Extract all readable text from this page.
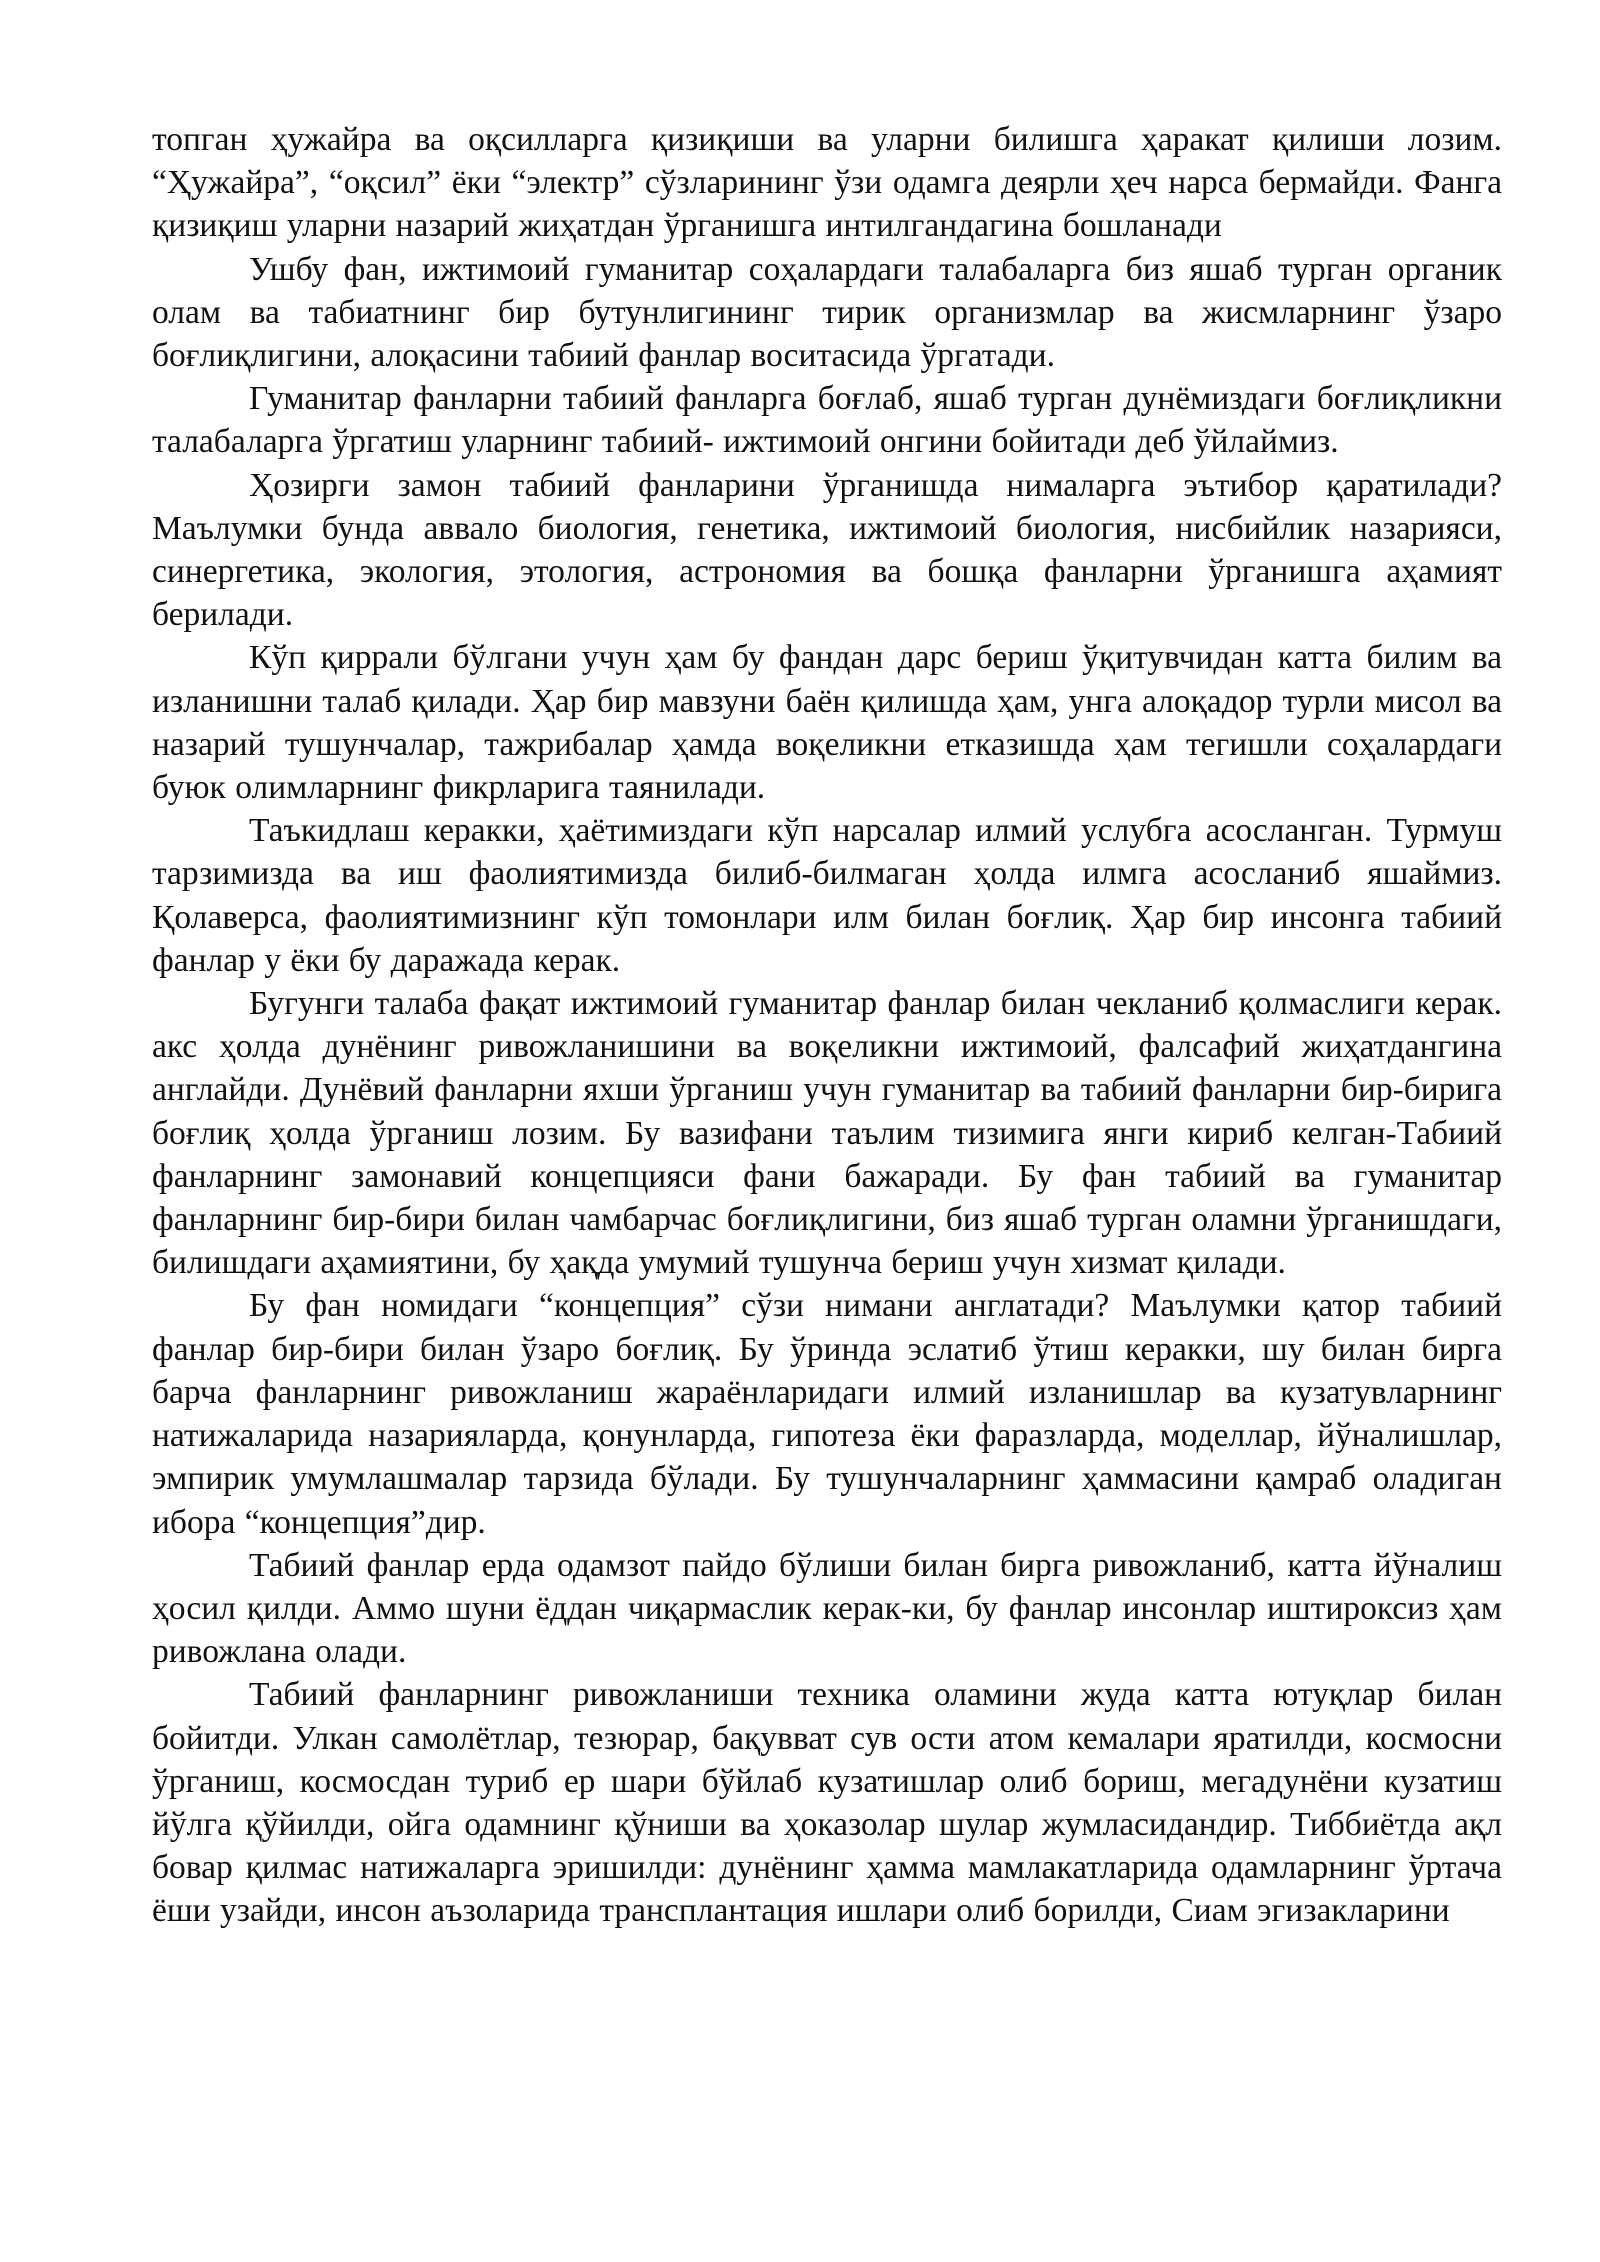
топган ҳужайра ва оқсилларга қизиқиши ва уларни билишга ҳаракат қилиши лозим. “Ҳужайра”, “оқсил” ёки “электр” сўзларининг ўзи одамга деярли ҳеч нарса бермайди. Фанга қизиқиш уларни назарий жиҳатдан ўрганишга интилгандагина бошланади

Ушбу фан, ижтимоий гуманитар соҳалардаги талабаларга биз яшаб турган органик олам ва табиатнинг бир бутунлигининг тирик организмлар ва жисмларнинг ўзаро боғлиқлигини, алоқасини табиий фанлар воситасида ўргатади.

Гуманитар фанларни табиий фанларга боғлаб, яшаб турган дунёмиздаги боғлиқликни талабаларга ўргатиш уларнинг табиий- ижтимоий онгини бойитади деб ўйлаймиз.

Ҳозирги замон табиий фанларини ўрганишда нималарга эътибор қаратилади? Маълумки бунда аввало биология, генетика, ижтимоий биология, нисбийлик назарияси, синергетика, экология, этология, астрономия ва бошқа фанларни ўрганишга аҳамият берилади.

Кўп қиррали бўлгани учун ҳам бу фандан дарс бериш ўқитувчидан катта билим ва изланишни талаб қилади. Ҳар бир мавзуни баён қилишда ҳам, унга алоқадор турли мисол ва назарий тушунчалар, тажрибалар ҳамда воқеликни етказишда ҳам тегишли соҳалардаги буюк олимларнинг фикрларига таянилади.

Таъкидлаш керакки, ҳаётимиздаги кўп нарсалар илмий услубга асосланган. Турмуш тарзимизда ва иш фаолиятимизда билиб-билмаган ҳолда илмга асосланиб яшаймиз. Қолаверса, фаолиятимизнинг кўп томонлари илм билан боғлиқ. Ҳар бир инсонга табиий фанлар у ёки бу даражада керак.

Бугунги талаба фақат ижтимоий гуманитар фанлар билан чекланиб қолмаслиги керак. акс ҳолда дунёнинг ривожланишини ва воқеликни ижтимоий, фалсафий жиҳатдангина англайди. Дунёвий фанларни яхши ўрганиш учун гуманитар ва табиий фанларни бир-бирига боғлиқ ҳолда ўрганиш лозим. Бу вазифани таълим тизимига янги кириб келган-Табиий фанларнинг замонавий концепцияси фани бажаради. Бу фан табиий ва гуманитар фанларнинг бир-бири билан чамбарчас боғлиқлигини, биз яшаб турган оламни ўрганишдаги, билишдаги аҳамиятини, бу ҳақда умумий тушунча бериш учун хизмат қилади.

Бу фан номидаги “концепция” сўзи нимани англатади? Маълумки қатор табиий фанлар бир-бири билан ўзаро боғлиқ. Бу ўринда эслатиб ўтиш керакки, шу билан бирга барча фанларнинг ривожланиш жараёнларидаги илмий изланишлар ва кузатувларнинг натижаларида назарияларда, қонунларда, гипотеза ёки фаразларда, моделлар, йўналишлар, эмпирик умумлашмалар тарзида бўлади. Бу тушунчаларнинг ҳаммасини қамраб оладиган ибора “концепция”дир.

Табиий фанлар ерда одамзот пайдо бўлиши билан бирга ривожланиб, катта йўналиш ҳосил қилди. Аммо шуни ёддан чиқармаслик керак-ки, бу фанлар инсонлар иштироксиз ҳам ривожлана олади.

Табиий фанларнинг ривожланиши техника оламини жуда катта ютуқлар билан бойитди. Улкан самолётлар, тезюрар, бақувват сув ости атом кемалари яратилди, космосни ўрганиш, космосдан туриб ер шари бўйлаб кузатишлар олиб бориш, мегадунёни кузатиш йўлга қўйилди, ойга одамнинг қўниши ва ҳоказолар шулар жумласидандир. Тиббиётда ақл бовар қилмас натижаларга эришилди: дунёнинг ҳамма мамлакатларида одамларнинг ўртача ёши узайди, инсон аъзоларида трансплантация ишлари олиб борилди, Сиам эгизакларини
